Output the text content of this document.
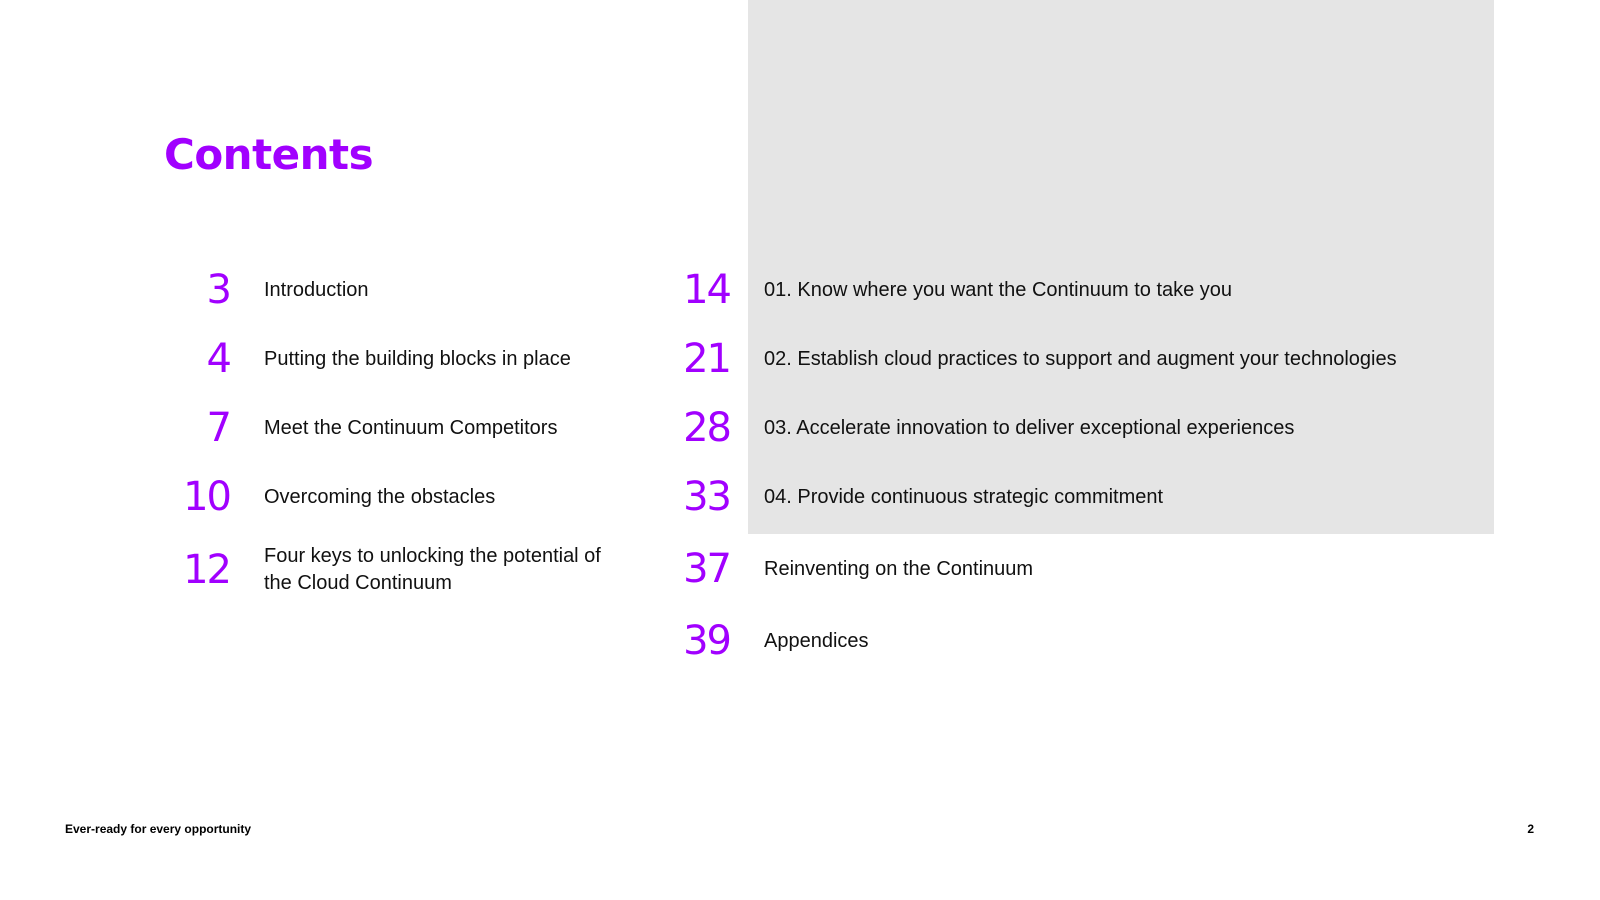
Contents
3 Introduction
4 Putting the building blocks in place
7 Meet the Continuum Competitors
10 Overcoming the obstacles
12 Four keys to unlocking the potential of the Cloud Continuum
14 01. Know where you want the Continuum to take you
21 02. Establish cloud practices to support and augment your technologies
28 03. Accelerate innovation to deliver exceptional experiences
33 04. Provide continuous strategic commitment
37 Reinventing on the Continuum
39 Appendices
Ever-ready for every opportunity	2
